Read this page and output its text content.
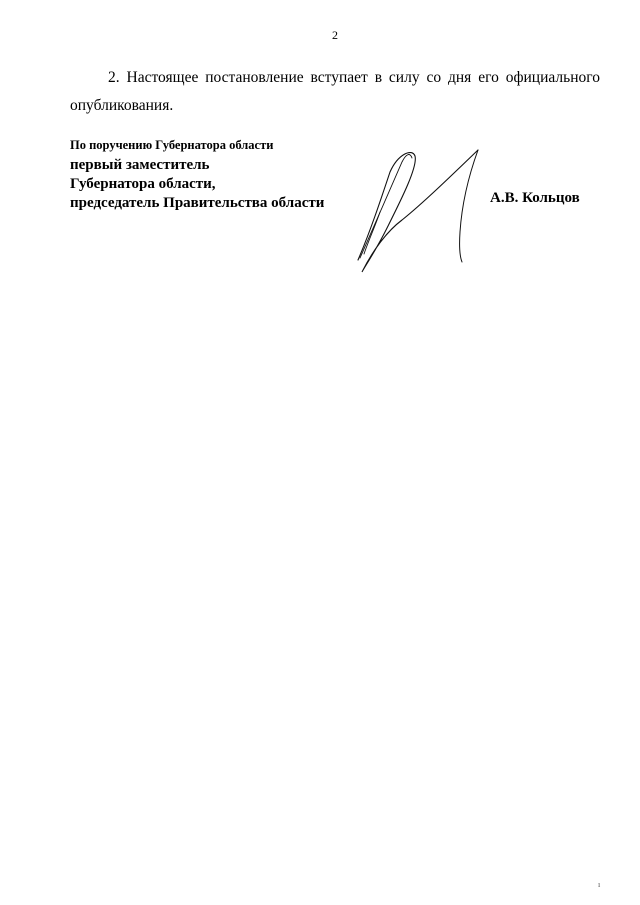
2

2. Настоящее постановление вступает в силу со дня его официального опубликования.

По поручению Губернатора области
первый заместитель
Губернатора области,
председатель Правительства области	А.В. Кольцов
ı
